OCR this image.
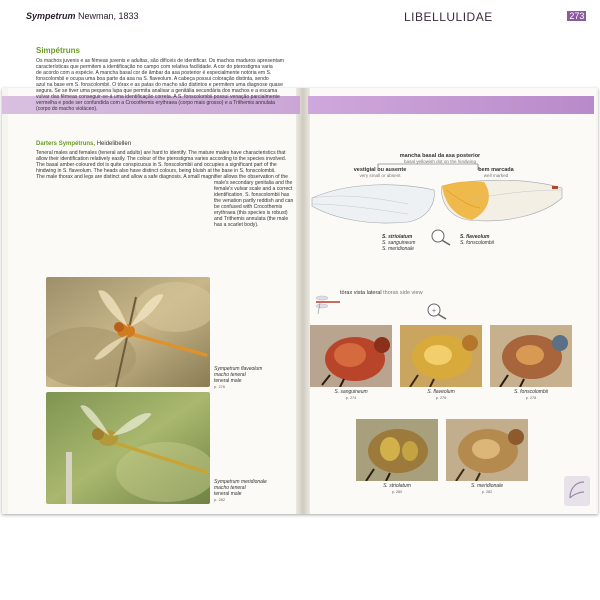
Sympetrum Newman, 1833	LIBELLULIDAE	272 | 273
Simpétruns

Os machos juvenis e as fêmeas juvenis e adultas, são difíceis de identificar. Os machos maduros apresentam

características que permitem a identificação no campo com relativa facilidade. A cor do pterostigma varia

de acordo com a espécie. A mancha basal cor de âmbar da asa posterior é especialmente notória em S.

fonscolombii e ocupa uma boa parte da asa na S. flaveolum. A cabeça possui coloração distinta, sendo

azul na base em S. fonscolombii. O tórax e as patas do macho são distintos e permitem uma diagnose quase

segura. Se se tiver uma pequena lupa que permita analisar a genitália secundária dos machos e a escama

vulvar das fêmeas conseguir-se-á uma identificação correta. A S. fonscolombii possui venação parcialmente

vermelha e pode ser confundida com a Crocothemis erythraea (corpo mais grosso) e a Trithemis annulata

(corpo do macho violáceo).

Darters Sympétruns, Heidelibellen

Teneral males and females (teneral and adults) are hard to identify. The mature males have characteristics that

allow their identification relatively easily. The colour of the pterostigma varies according to the species involved.

The basal amber-coloured dot is quite conspicuous in S. fonscolombii and occupies a significant part of the

hindwing in S. flaveolum. The heads also have distinct colours, being bluish at the base in S. fonscolombii.

The male thorax and legs are distinct and allow a safe diagnosis. A small magnifier allows the observation of the

male's secondary genitalia and the

female's vulvar scale and a correct

identification. S. fonscolombii has

the venation partly reddish and can

be confused with Crocothemis

erythraea (this species is robust)

and Trithemis annulata (the male

has a scarlet body).

Sympetrum flaveolum
macho teneral
teneral male
p. 276
Sympetrum meridionale
macho teneral
teneral male
p. 282
mancha basal da asa posterior
basal yellowish dot on the hindwing
vestigial ou ausente
very small or absent
bem marcada
well marked
S. striolatum
S. sanguineum
S. meridionale
S. flaveolum
S. fonscolombii
tórax vista lateral thorax side view
+
S. sanguineum
p. 274
S. flaveolum
p. 276
S. fonscolombii
p. 278
S. striolatum
p. 280
S. meridionale
p. 282
